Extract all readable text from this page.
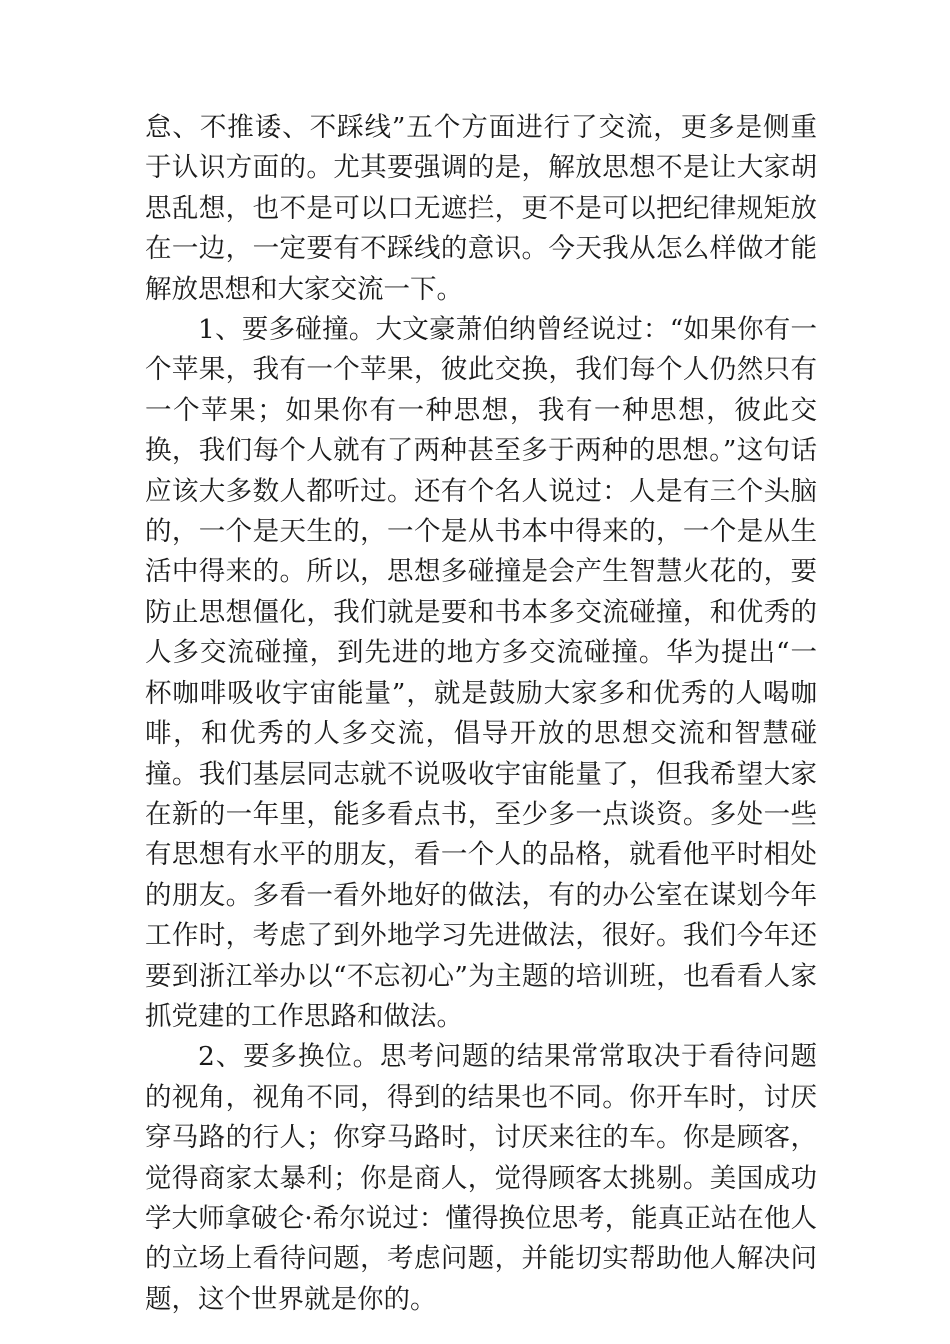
怠、不推诿、不踩线”五个方面进行了交流，更多是侧重于认识方面的。尤其要强调的是，解放思想不是让大家胡思乱想，也不是可以口无遮拦，更不是可以把纪律规矩放在一边，一定要有不踩线的意识。今天我从怎么样做才能解放思想和大家交流一下。

1、要多碰撞。大文豪萧伯纳曾经说过：“如果你有一个苹果，我有一个苹果，彼此交换，我们每个人仍然只有一个苹果；如果你有一种思想，我有一种思想，彼此交换，我们每个人就有了两种甚至多于两种的思想。”这句话应该大多数人都听过。还有个名人说过：人是有三个头脑的，一个是天生的，一个是从书本中得来的，一个是从生活中得来的。所以，思想多碰撞是会产生智慧火花的，要防止思想僵化，我们就是要和书本多交流碰撞，和优秀的人多交流碰撞，到先进的地方多交流碰撞。华为提出“一杯咖啡吸收宇宙能量”，就是鼓励大家多和优秀的人喝咖啡，和优秀的人多交流，倡导开放的思想交流和智慧碰撞。我们基层同志就不说吸收宇宙能量了，但我希望大家在新的一年里，能多看点书，至少多一点谈资。多处一些有思想有水平的朋友，看一个人的品格，就看他平时相处的朋友。多看一看外地好的做法，有的办公室在谋划今年工作时，考虑了到外地学习先进做法，很好。我们今年还要到浙江举办以“不忘初心”为主题的培训班，也看看人家抓党建的工作思路和做法。

2、要多换位。思考问题的结果常常取决于看待问题的视角，视角不同，得到的结果也不同。你开车时，讨厌穿马路的行人；你穿马路时，讨厌来往的车。你是顾客，觉得商家太暴利；你是商人，觉得顾客太挑剔。美国成功学大师拿破仑·希尔说过：懂得换位思考，能真正站在他人的立场上看待问题，考虑问题，并能切实帮助他人解决问题，这个世界就是你的。
